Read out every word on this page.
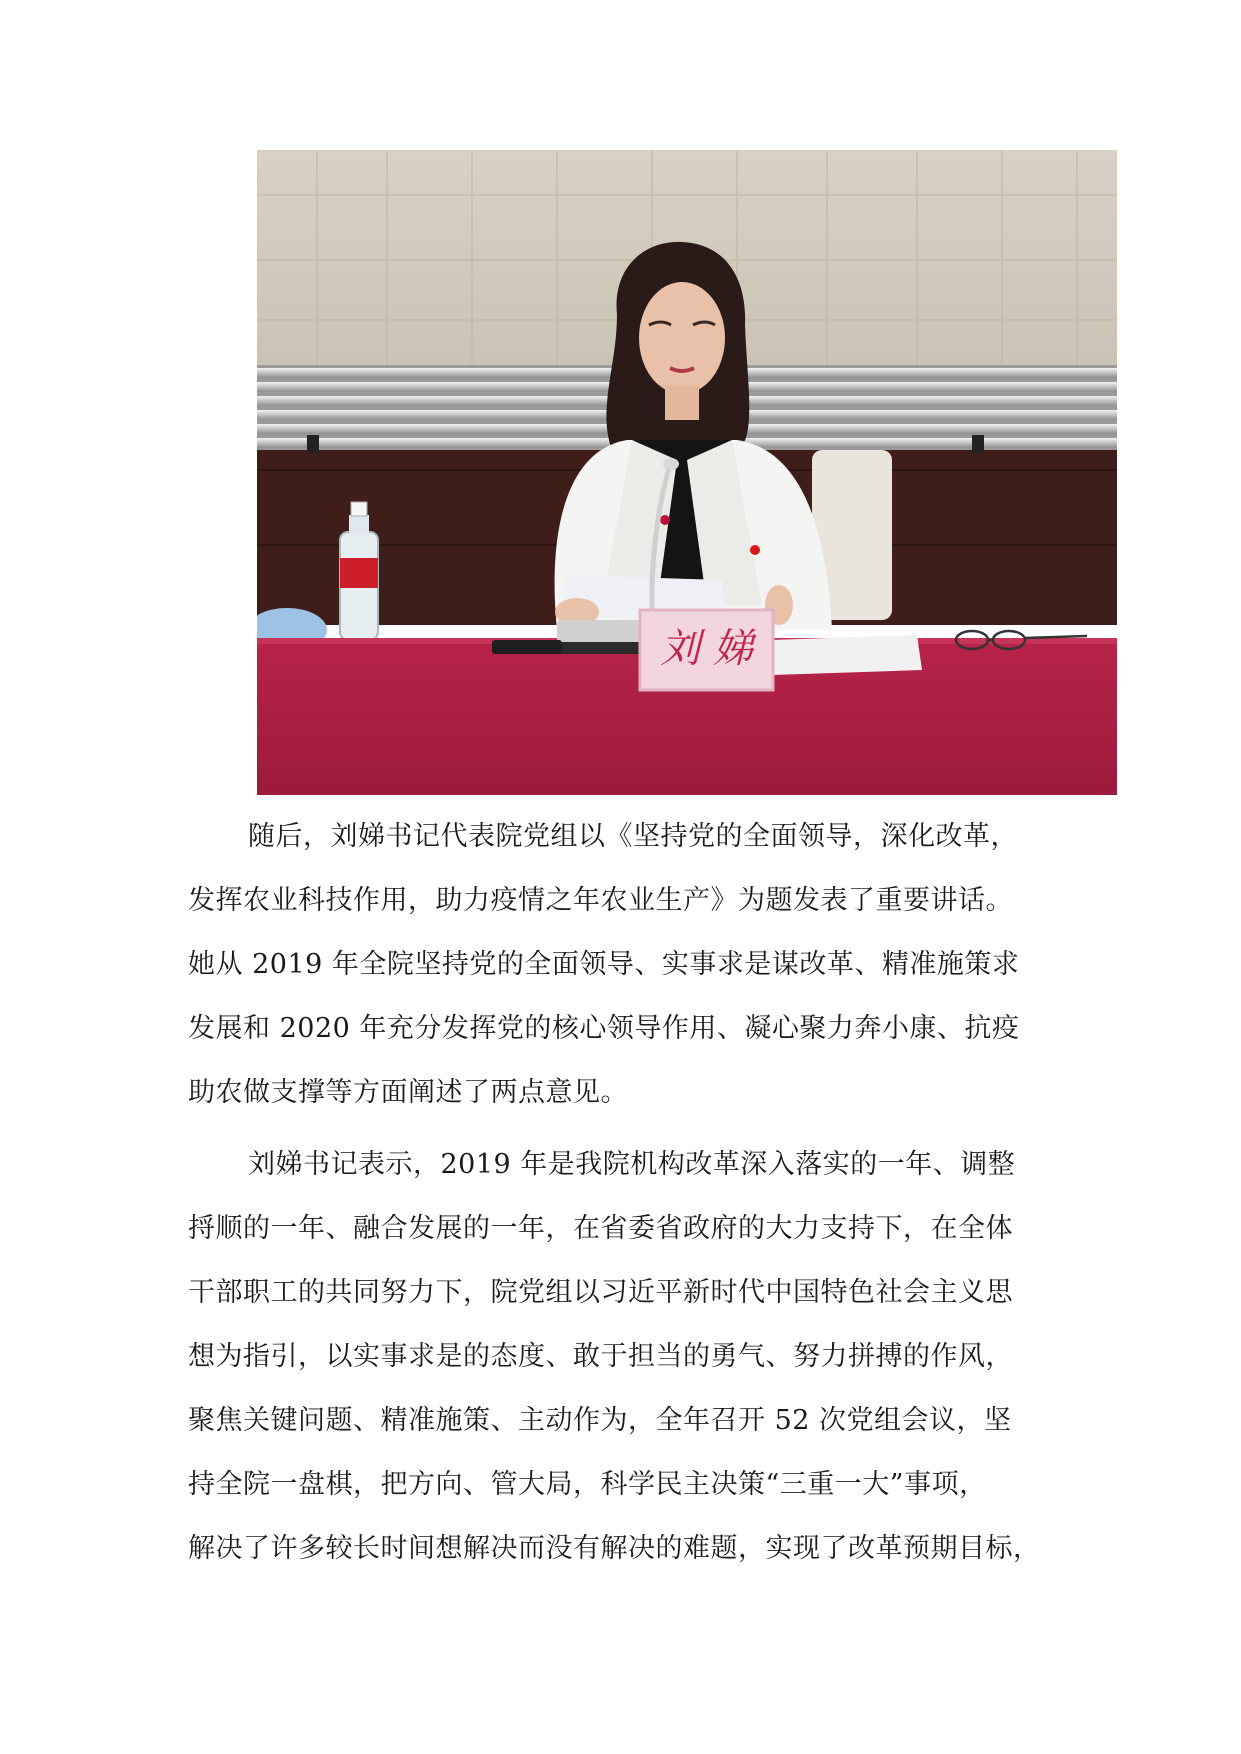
刘 娣
随后，刘娣书记代表院党组以《坚持党的全面领导，深化改革，
发挥农业科技作用，助力疫情之年农业生产》为题发表了重要讲话。
她从 2019 年全院坚持党的全面领导、实事求是谋改革、精准施策求
发展和 2020 年充分发挥党的核心领导作用、凝心聚力奔小康、抗疫
助农做支撑等方面阐述了两点意见。
刘娣书记表示，2019 年是我院机构改革深入落实的一年、调整
捋顺的一年、融合发展的一年，在省委省政府的大力支持下，在全体
干部职工的共同努力下，院党组以习近平新时代中国特色社会主义思
想为指引，以实事求是的态度、敢于担当的勇气、努力拼搏的作风，
聚焦关键问题、精准施策、主动作为，全年召开 52 次党组会议，坚
持全院一盘棋，把方向、管大局，科学民主决策“三重一大”事项，
解决了许多较长时间想解决而没有解决的难题，实现了改革预期目标，
